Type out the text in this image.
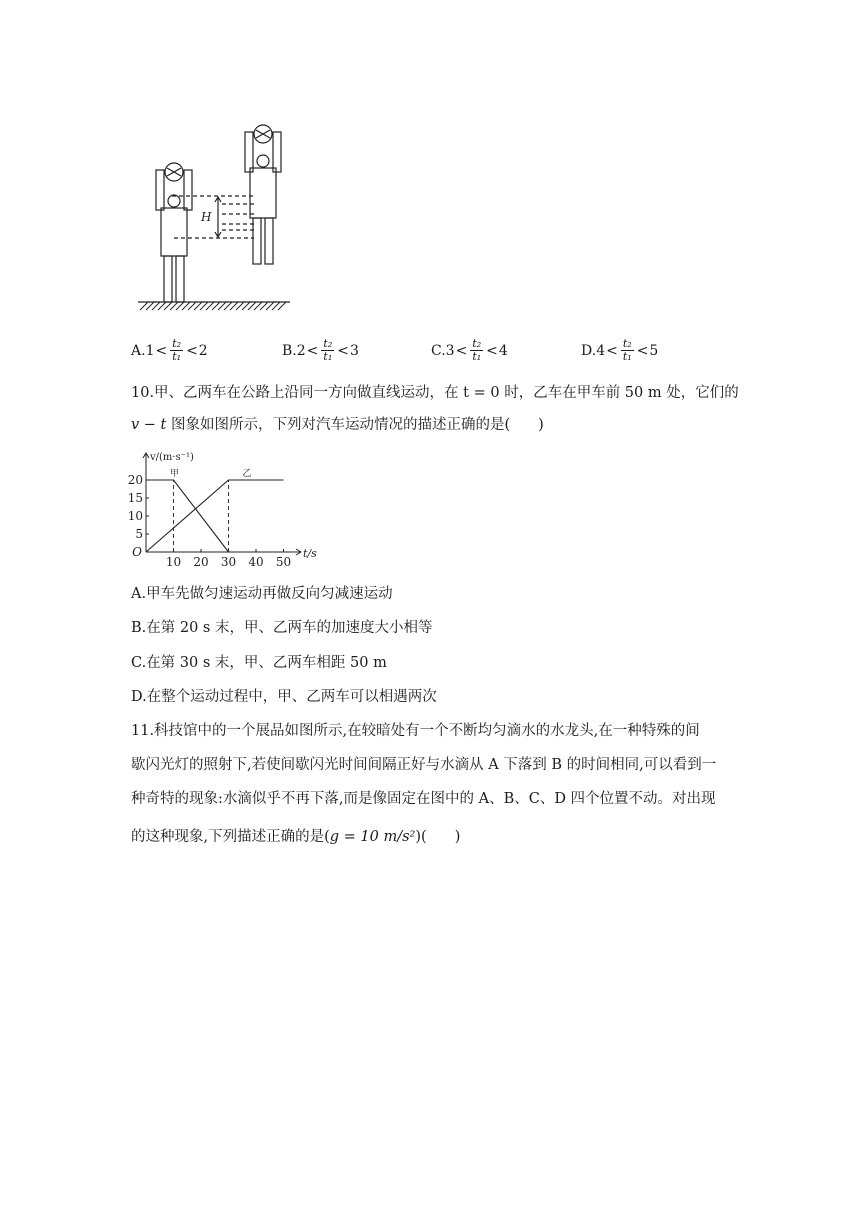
H
A. $1 < \frac{\text{t₂}}{\text{t₁}} < 2$	B. $2 < \frac{\text{t₂}}{\text{t₁}} < 3$	C. $3 < \frac{\text{t₂}}{\text{t₁}} < 4$	D. $4 < \frac{\text{t₂}}{\text{t₁}} < 5$
10.甲、乙两车在公路上沿同一方向做直线运动，在 t = 0 时，乙车在甲车前 50 m 处，它们的
v − t 图象如图所示，下列对汽车运动情况的描述正确的是( )
甲	乙
10 20 30 40 50
5
10
15
20
O
v/(m·s⁻¹)
t/s
A.甲车先做匀速运动再做反向匀减速运动
B.在第 20 s 末，甲、乙两车的加速度大小相等
C.在第 30 s 末，甲、乙两车相距 50 m
D.在整个运动过程中，甲、乙两车可以相遇两次
11.科技馆中的一个展品如图所示,在较暗处有一个不断均匀滴水的水龙头,在一种特殊的间
歇闪光灯的照射下,若使间歇闪光时间间隔正好与水滴从 A 下落到 B 的时间相同,可以看到一
种奇特的现象:水滴似乎不再下落,而是像固定在图中的 A、B、C、D 四个位置不动。对出现
的这种现象,下列描述正确的是(g = 10 m/s²)( )
